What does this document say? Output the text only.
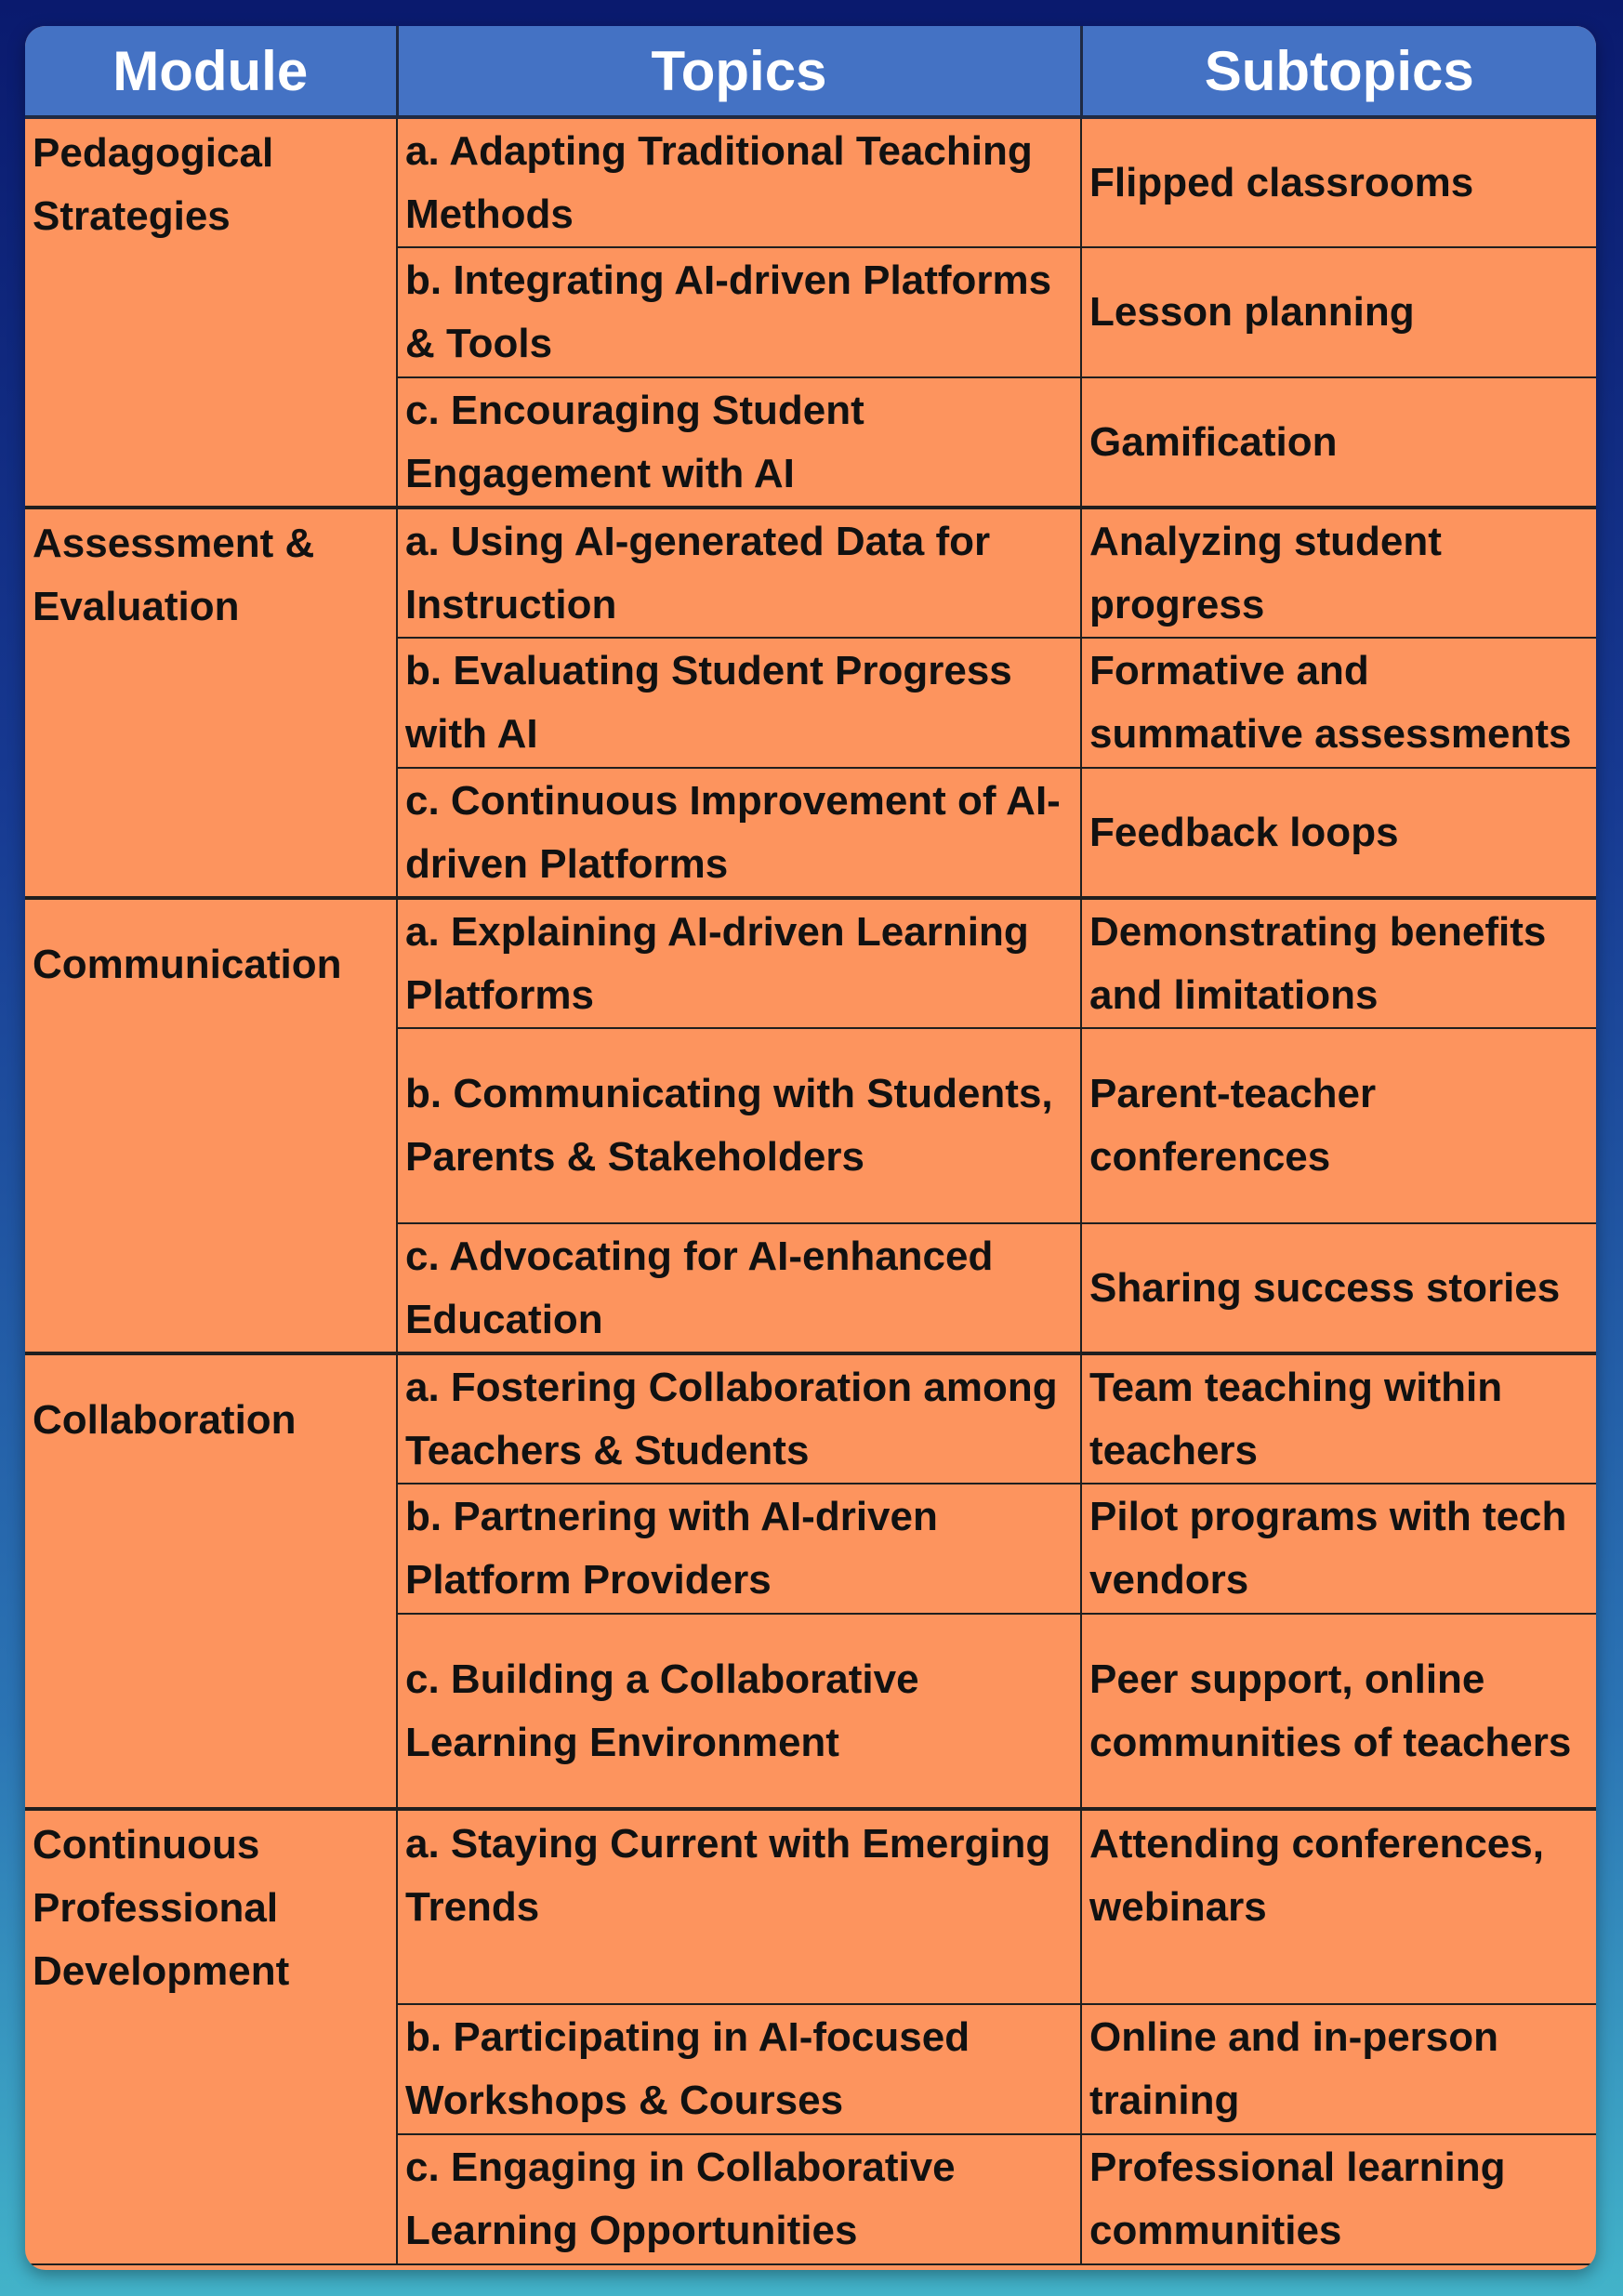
Module	Topics	Subtopics
Pedagogical Strategies	a. Adapting Traditional Teaching Methods	Flipped classrooms
	b. Integrating AI-driven Platforms & Tools	Lesson planning
	c. Encouraging Student Engagement with AI	Gamification
Assessment & Evaluation	a. Using AI-generated Data for Instruction	Analyzing student progress
	b. Evaluating Student Progress with AI	Formative and summative assessments
	c. Continuous Improvement of AI-driven Platforms	Feedback loops
Communication	a. Explaining AI-driven Learning Platforms	Demonstrating benefits and limitations
	b. Communicating with Students, Parents & Stakeholders	Parent-teacher conferences
	c. Advocating for AI-enhanced Education	Sharing success stories
Collaboration	a. Fostering Collaboration among Teachers & Students	Team teaching within teachers
	b. Partnering with AI-driven Platform Providers	Pilot programs with tech vendors
	c. Building a Collaborative Learning Environment	Peer support, online communities of teachers
Continuous Professional Development	a. Staying Current with Emerging Trends	Attending conferences, webinars
	b. Participating in AI-focused Workshops & Courses	Online and in-person training
	c. Engaging in Collaborative Learning Opportunities	Professional learning communities
